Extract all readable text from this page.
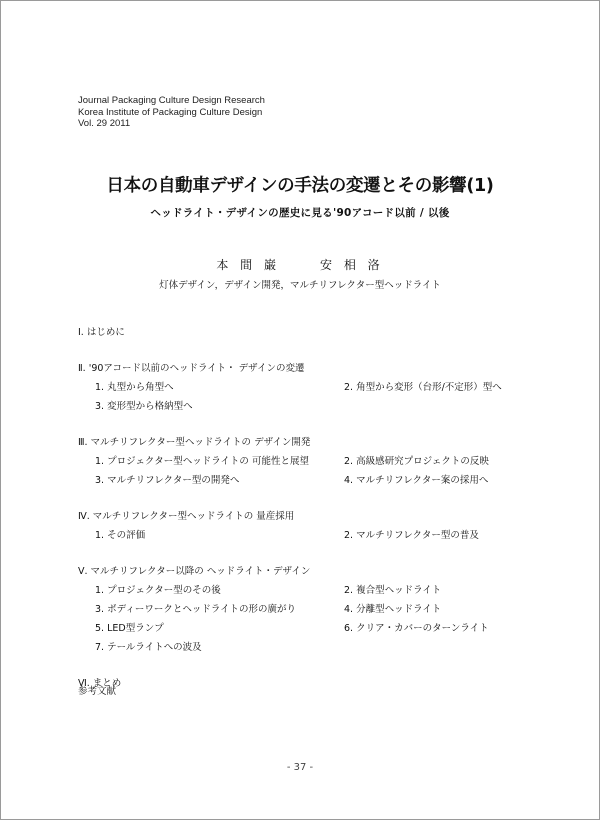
Journal Packaging Culture Design Research
Korea Institute of Packaging Culture Design
Vol. 29 2011
日本の自動車デザインの手法の変遷とその影響(1)
ヘッドライト・デザインの歴史に見る'90アコード以前 / 以後
本 間 巌	安 相 洛
灯体デザイン，デザイン開発，マルチリフレクター型ヘッドライト
Ⅰ. はじめに
Ⅱ. '90アコード以前のヘッドライト・ デザインの変遷
1. 丸型から角型へ	2. 角型から変形（台形/不定形）型へ
3. 変形型から格納型へ
Ⅲ. マルチリフレクター型ヘッドライトの デザイン開発
1. プロジェクター型ヘッドライトの 可能性と展望	2. 高級感研究プロジェクトの反映
3. マルチリフレクター型の開発へ	4. マルチリフレクター案の採用へ
Ⅳ. マルチリフレクター型ヘッドライトの 量産採用
1. その評価	2. マルチリフレクター型の普及
Ⅴ. マルチリフレクター以降の ヘッドライト・デザイン
1. プロジェクター型のその後	2. 複合型ヘッドライト
3. ボディーワークとヘッドライトの形の廣がり	4. 分離型ヘッドライト
5. LED型ランプ	6. クリア・カバーのターンライト
7. テールライトへの波及
Ⅵ. まとめ
参考文献
- 37 -
